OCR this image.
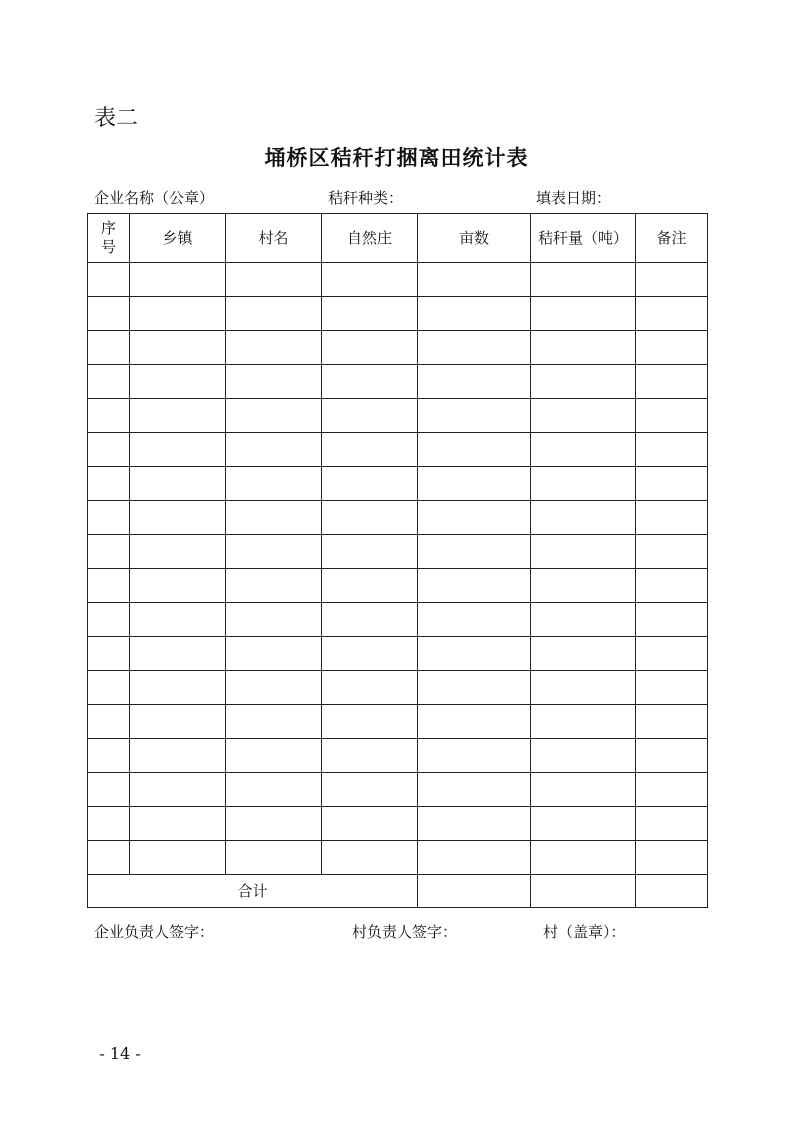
表二
埇桥区秸秆打捆离田统计表
企业名称（公章）	秸秆种类：	填表日期：
序号	乡镇	村名	自然庄	亩数	秸秆量（吨）	备注

合计						
企业负责人签字：	村负责人签字：	村（盖章）：
- 14 -
